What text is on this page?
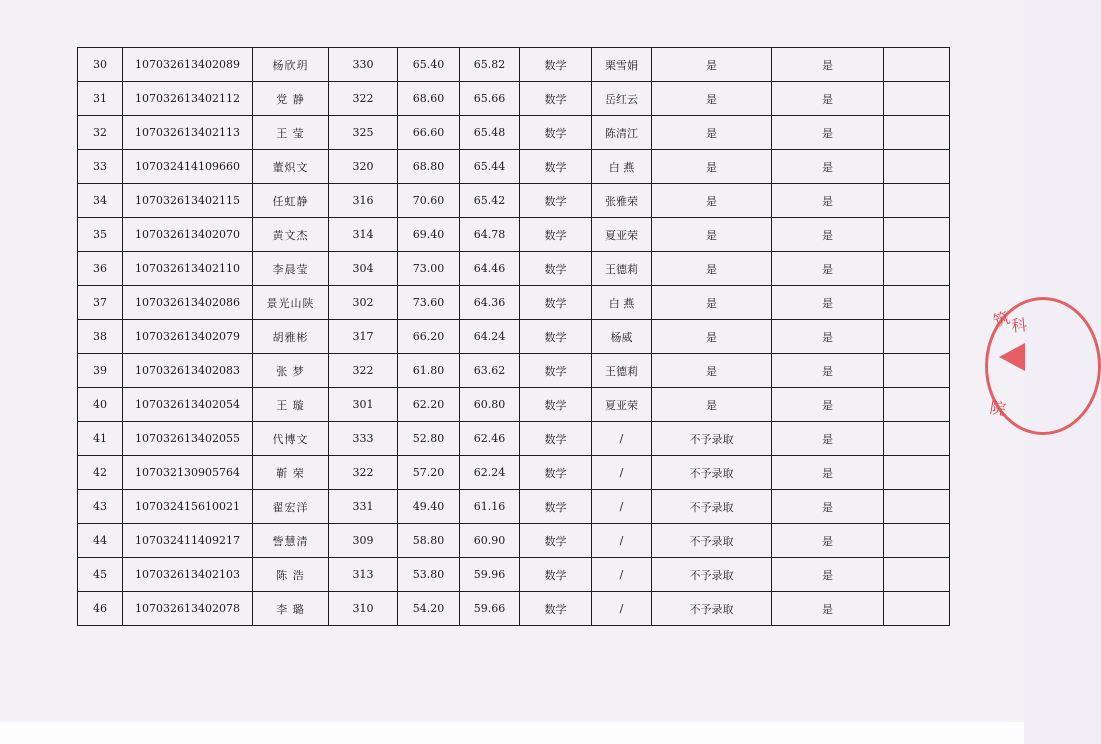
30	107032613402089	杨欣玥	330	65.40	65.82	数学	栗雪娟	是	是	
31	107032613402112	党 静	322	68.60	65.66	数学	岳红云	是	是	
32	107032613402113	王 莹	325	66.60	65.48	数学	陈清江	是	是	
33	107032414109660	董炽文	320	68.80	65.44	数学	白 燕	是	是	
34	107032613402115	任虹静	316	70.60	65.42	数学	张雅荣	是	是	
35	107032613402070	黄文杰	314	69.40	64.78	数学	夏亚荣	是	是	
36	107032613402110	李晨莹	304	73.00	64.46	数学	王德莉	是	是	
37	107032613402086	景光山陕	302	73.60	64.36	数学	白 燕	是	是	
38	107032613402079	胡雅彬	317	66.20	64.24	数学	杨威	是	是	
39	107032613402083	张 梦	322	61.80	63.62	数学	王德莉	是	是	
40	107032613402054	王 璇	301	62.20	60.80	数学	夏亚荣	是	是	
41	107032613402055	代博文	333	52.80	62.46	数学	/	不予录取	是	
42	107032130905764	靳 荣	322	57.20	62.24	数学	/	不予录取	是	
43	107032415610021	翟宏洋	331	49.40	61.16	数学	/	不予录取	是	
44	107032411409217	訾慧清	309	58.80	60.90	数学	/	不予录取	是	
45	107032613402103	陈 浩	313	53.80	59.96	数学	/	不予录取	是	
46	107032613402078	李 璐	310	54.20	59.66	数学	/	不予录取	是	
筑
科
院
